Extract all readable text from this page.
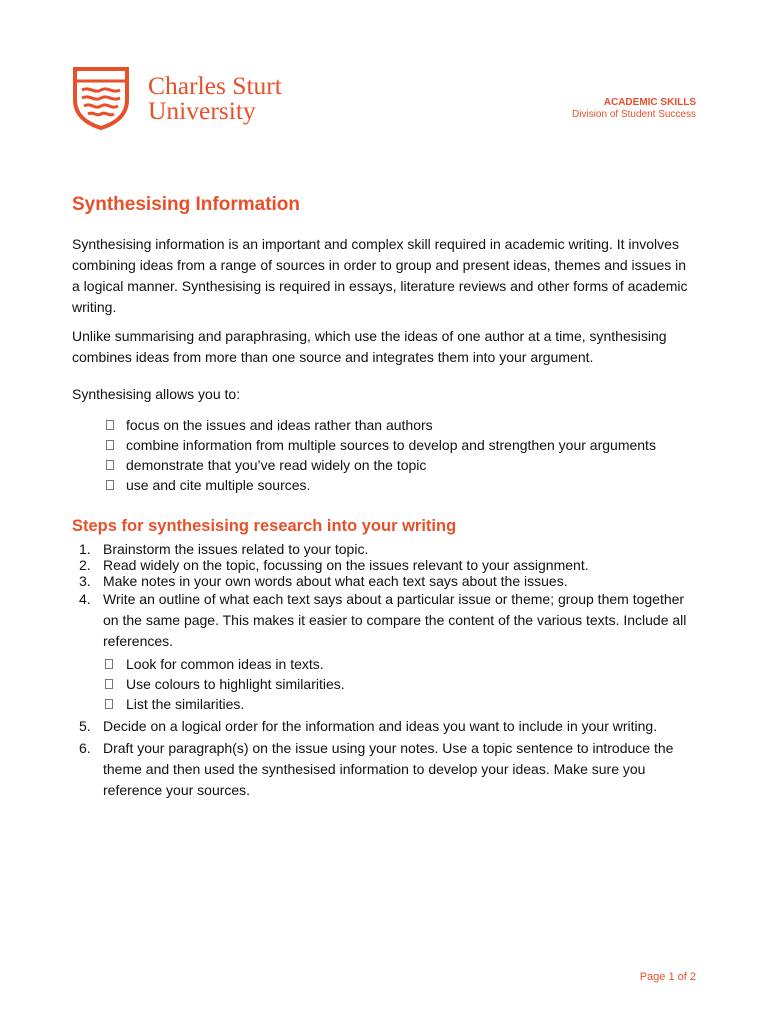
Charles Sturt
University	ACADEMIC SKILLS
Division of Student Success
Synthesising Information

Synthesising information is an important and complex skill required in academic writing. It involves combining ideas from a range of sources in order to group and present ideas, themes and issues in a logical manner. Synthesising is required in essays, literature reviews and other forms of academic writing.

Unlike summarising and paraphrasing, which use the ideas of one author at a time, synthesising combines ideas from more than one source and integrates them into your argument.

Synthesising allows you to:

focus on the issues and ideas rather than authors
combine information from multiple sources to develop and strengthen your arguments
demonstrate that you’ve read widely on the topic
use and cite multiple sources.
Steps for synthesising research into your writing
1. Brainstorm the issues related to your topic.
2. Read widely on the topic, focussing on the issues relevant to your assignment.
3. Make notes in your own words about what each text says about the issues.
4. Write an outline of what each text says about a particular issue or theme; group them together on the same page. This makes it easier to compare the content of the various texts. Include all references.
Look for common ideas in texts.
Use colours to highlight similarities.
List the similarities.
5. Decide on a logical order for the information and ideas you want to include in your writing.
6. Draft your paragraph(s) on the issue using your notes. Use a topic sentence to introduce the theme and then used the synthesised information to develop your ideas. Make sure you reference your sources.
Page 1 of 2
